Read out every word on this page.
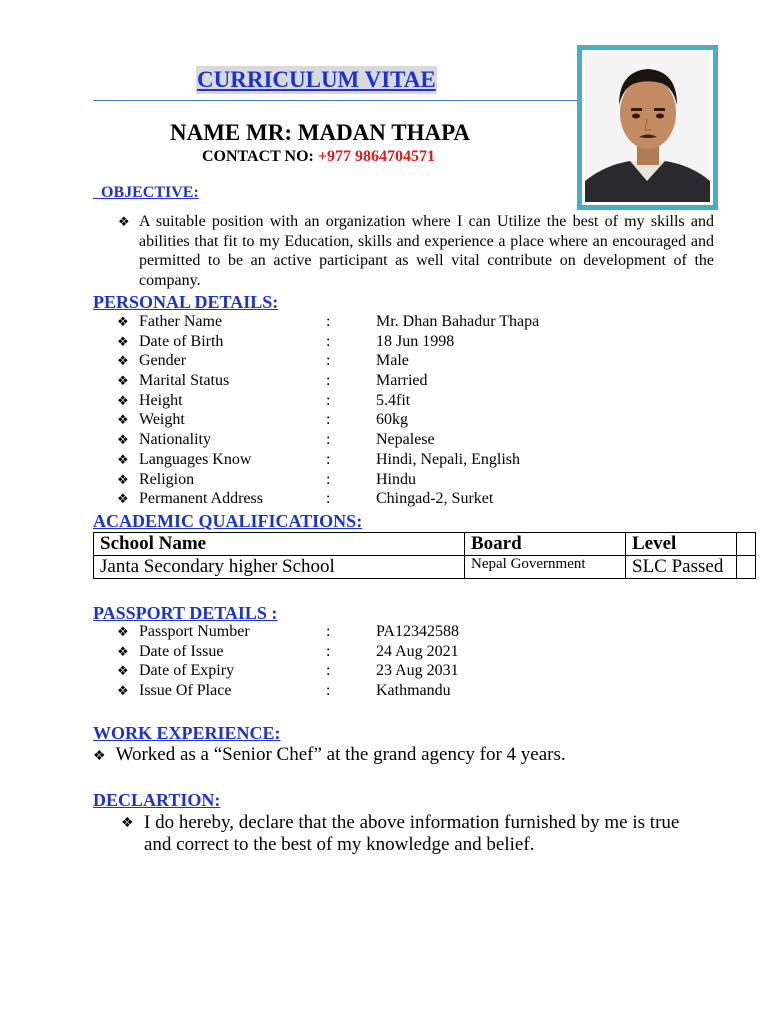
CURRICULUM VITAE
NAME MR: MADAN THAPA
CONTACT NO: +977 9864704571
OBJECTIVE:
❖ A suitable position with an organization where I can Utilize the best of my skills and abilities that fit to my Education, skills and experience a place where an encouraged and permitted to be an active participant as well vital contribute on development of the company.
PERSONAL DETAILS:
❖ Father Name	:	Mr. Dhan Bahadur Thapa
❖ Date of Birth	:	18 Jun 1998
❖ Gender	:	Male
❖ Marital Status	:	Married
❖ Height	:	5.4fit
❖ Weight	:	60kg
❖ Nationality	:	Nepalese
❖ Languages Know	:	Hindi, Nepali, English
❖ Religion	:	Hindu
❖ Permanent Address	:	Chingad-2, Surket
ACADEMIC QUALIFICATIONS:
School Name	Board	Level	
Janta Secondary higher School	Nepal Government	SLC Passed	
PASSPORT DETAILS :
❖ Passport Number	:	PA12342588
❖ Date of Issue	:	24 Aug 2021
❖ Date of Expiry	:	23 Aug 2031
❖ Issue Of Place	:	Kathmandu
WORK EXPERIENCE:
❖ Worked as a “Senior Chef” at the grand agency for 4 years.
DECLARTION:
❖ I do hereby, declare that the above information furnished by me is true and correct to the best of my knowledge and belief.
